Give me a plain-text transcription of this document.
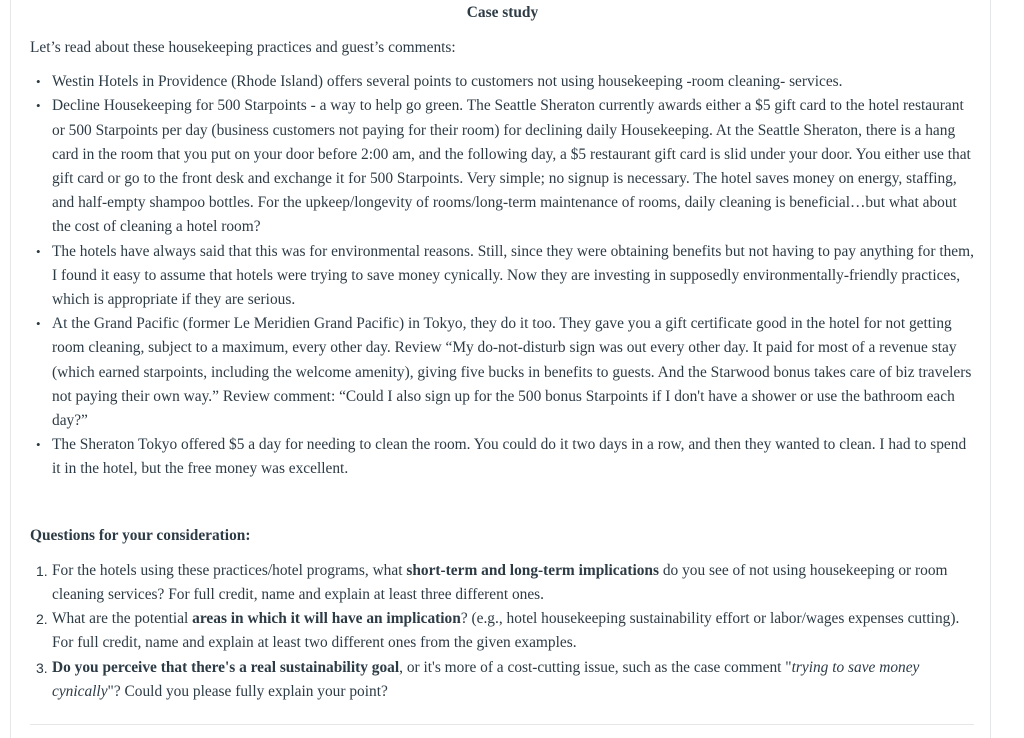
Case study

Let’s read about these housekeeping practices and guest’s comments:

• Westin Hotels in Providence (Rhode Island) offers several points to customers not using housekeeping -room cleaning- services.
• Decline Housekeeping for 500 Starpoints - a way to help go green. The Seattle Sheraton currently awards either a $5 gift card to the hotel restaurant or 500 Starpoints per day (business customers not paying for their room) for declining daily Housekeeping. At the Seattle Sheraton, there is a hang card in the room that you put on your door before 2:00 am, and the following day, a $5 restaurant gift card is slid under your door. You either use that gift card or go to the front desk and exchange it for 500 Starpoints. Very simple; no signup is necessary. The hotel saves money on energy, staffing, and half-empty shampoo bottles. For the upkeep/longevity of rooms/long-term maintenance of rooms, daily cleaning is beneficial…but what about the cost of cleaning a hotel room?
• The hotels have always said that this was for environmental reasons. Still, since they were obtaining benefits but not having to pay anything for them, I found it easy to assume that hotels were trying to save money cynically. Now they are investing in supposedly environmentally-friendly practices, which is appropriate if they are serious.
• At the Grand Pacific (former Le Meridien Grand Pacific) in Tokyo, they do it too. They gave you a gift certificate good in the hotel for not getting room cleaning, subject to a maximum, every other day. Review “My do-not-disturb sign was out every other day. It paid for most of a revenue stay (which earned starpoints, including the welcome amenity), giving five bucks in benefits to guests. And the Starwood bonus takes care of biz travelers not paying their own way.” Review comment: “Could I also sign up for the 500 bonus Starpoints if I don't have a shower or use the bathroom each day?”
• The Sheraton Tokyo offered $5 a day for needing to clean the room. You could do it two days in a row, and then they wanted to clean. I had to spend it in the hotel, but the free money was excellent.

Questions for your consideration:

1. For the hotels using these practices/hotel programs, what short-term and long-term implications do you see of not using housekeeping or room cleaning services? For full credit, name and explain at least three different ones.
2. What are the potential areas in which it will have an implication? (e.g., hotel housekeeping sustainability effort or labor/wages expenses cutting). For full credit, name and explain at least two different ones from the given examples.
3. Do you perceive that there's a real sustainability goal, or it's more of a cost-cutting issue, such as the case comment "trying to save money cynically"? Could you please fully explain your point?
